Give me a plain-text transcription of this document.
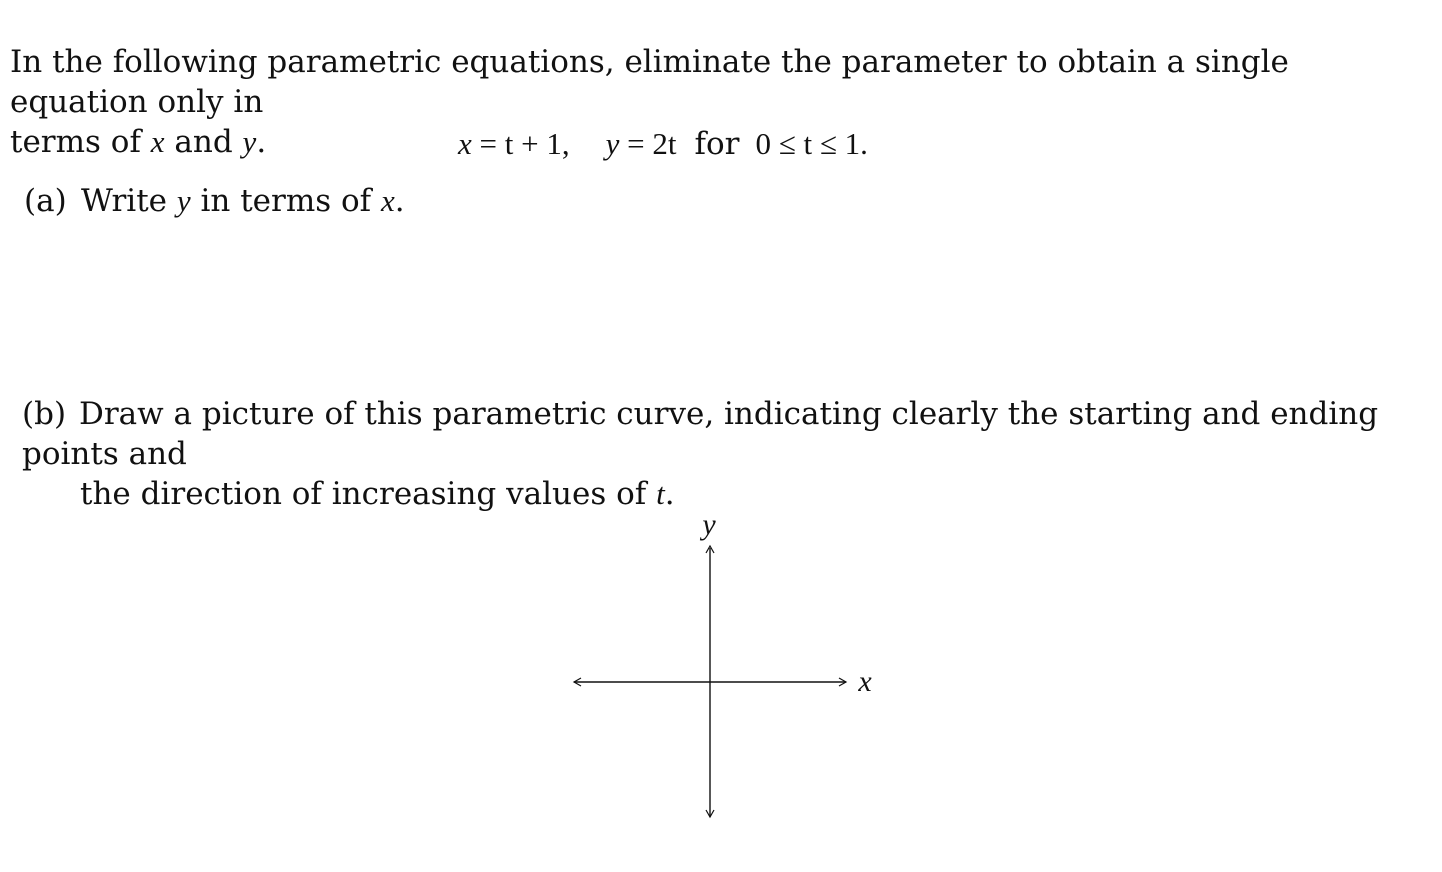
In the following parametric equations, eliminate the parameter to obtain a single equation only in

terms of x and y.	x = t + 1, y = 2t for 0 ≤ t ≤ 1.
(a) Write y in terms of x.
(b) Draw a picture of this parametric curve, indicating clearly the starting and ending points and
the direction of increasing values of t.
y
x
